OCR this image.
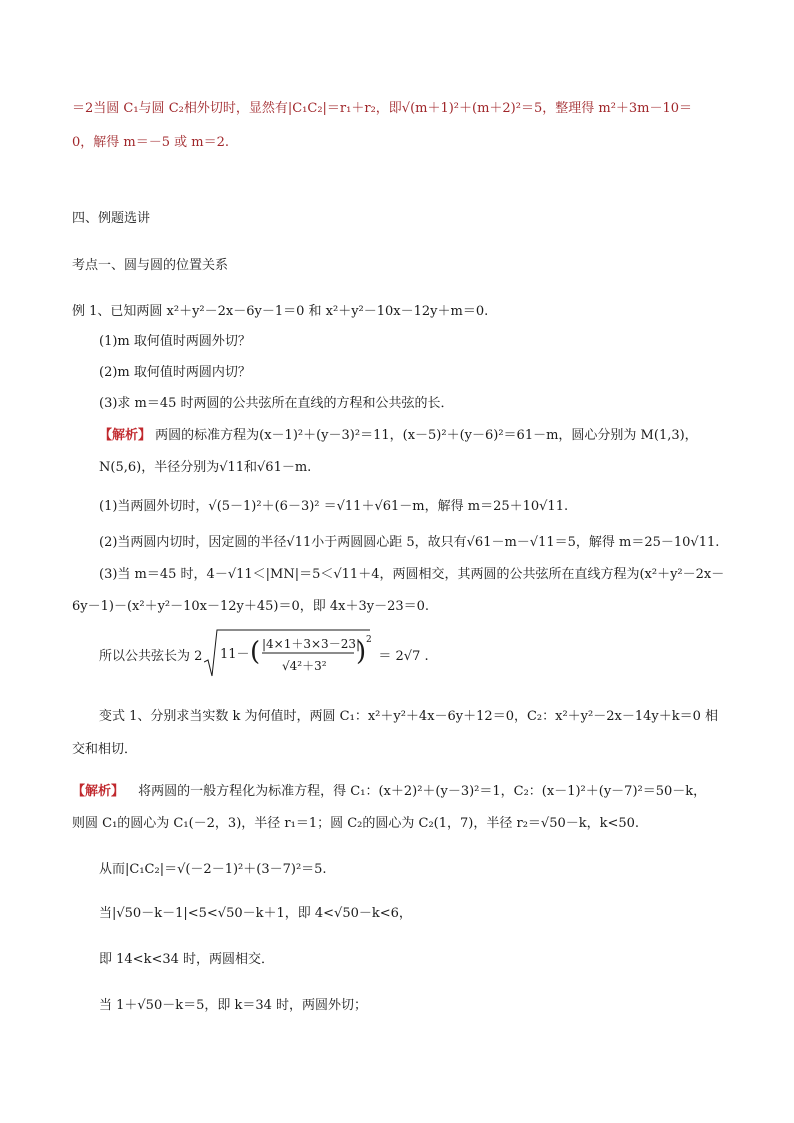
＝2当圆 C₁与圆 C₂相外切时，显然有|C₁C₂|＝r₁＋r₂，即√(m＋1)²＋(m＋2)²＝5，整理得 m²＋3m－10＝
0，解得 m＝－5 或 m＝2.
四、例题选讲
考点一、圆与圆的位置关系
例 1、已知两圆 x²＋y²－2x－6y－1＝0 和 x²＋y²－10x－12y＋m＝0.
(1)m 取何值时两圆外切？
(2)m 取何值时两圆内切？
(3)求 m＝45 时两圆的公共弦所在直线的方程和公共弦的长．
【解析】 两圆的标准方程为(x－1)²＋(y－3)²＝11，(x－5)²＋(y－6)²＝61－m，圆心分别为 M(1,3)，
N(5,6)，半径分别为√11和√61－m.
(1)当两圆外切时，√(5－1)²＋(6－3)² ＝√11＋√61－m，解得 m＝25＋10√11.
(2)当两圆内切时，因定圆的半径√11小于两圆圆心距 5，故只有√61－m－√11＝5，解得 m＝25－10√11.
(3)当 m＝45 时，4－√11＜|MN|＝5＜√11＋4，两圆相交，其两圆的公共弦所在直线方程为(x²＋y²－2x－
6y－1)－(x²＋y²－10x－12y＋45)＝0，即 4x＋3y－23＝0.
所以公共弦长为 2 11－ ( |4×1＋3×3－23|
√4²＋3² ) 2
＝ 2√7 .
变式 1、分别求当实数 k 为何值时，两圆 C₁：x²＋y²＋4x－6y＋12＝0，C₂：x²＋y²－2x－14y＋k＝0 相
交和相切．
【解析】 将两圆的一般方程化为标准方程，得 C₁：(x＋2)²＋(y－3)²＝1，C₂：(x－1)²＋(y－7)²＝50－k，
则圆 C₁的圆心为 C₁(－2，3)，半径 r₁＝1；圆 C₂的圆心为 C₂(1，7)，半径 r₂＝√50－k，k<50.
从而|C₁C₂|＝√(－2－1)²＋(3－7)²＝5.
当|√50－k－1|<5<√50－k＋1，即 4<√50－k<6，
即 14<k<34 时，两圆相交．
当 1＋√50－k＝5，即 k＝34 时，两圆外切；
